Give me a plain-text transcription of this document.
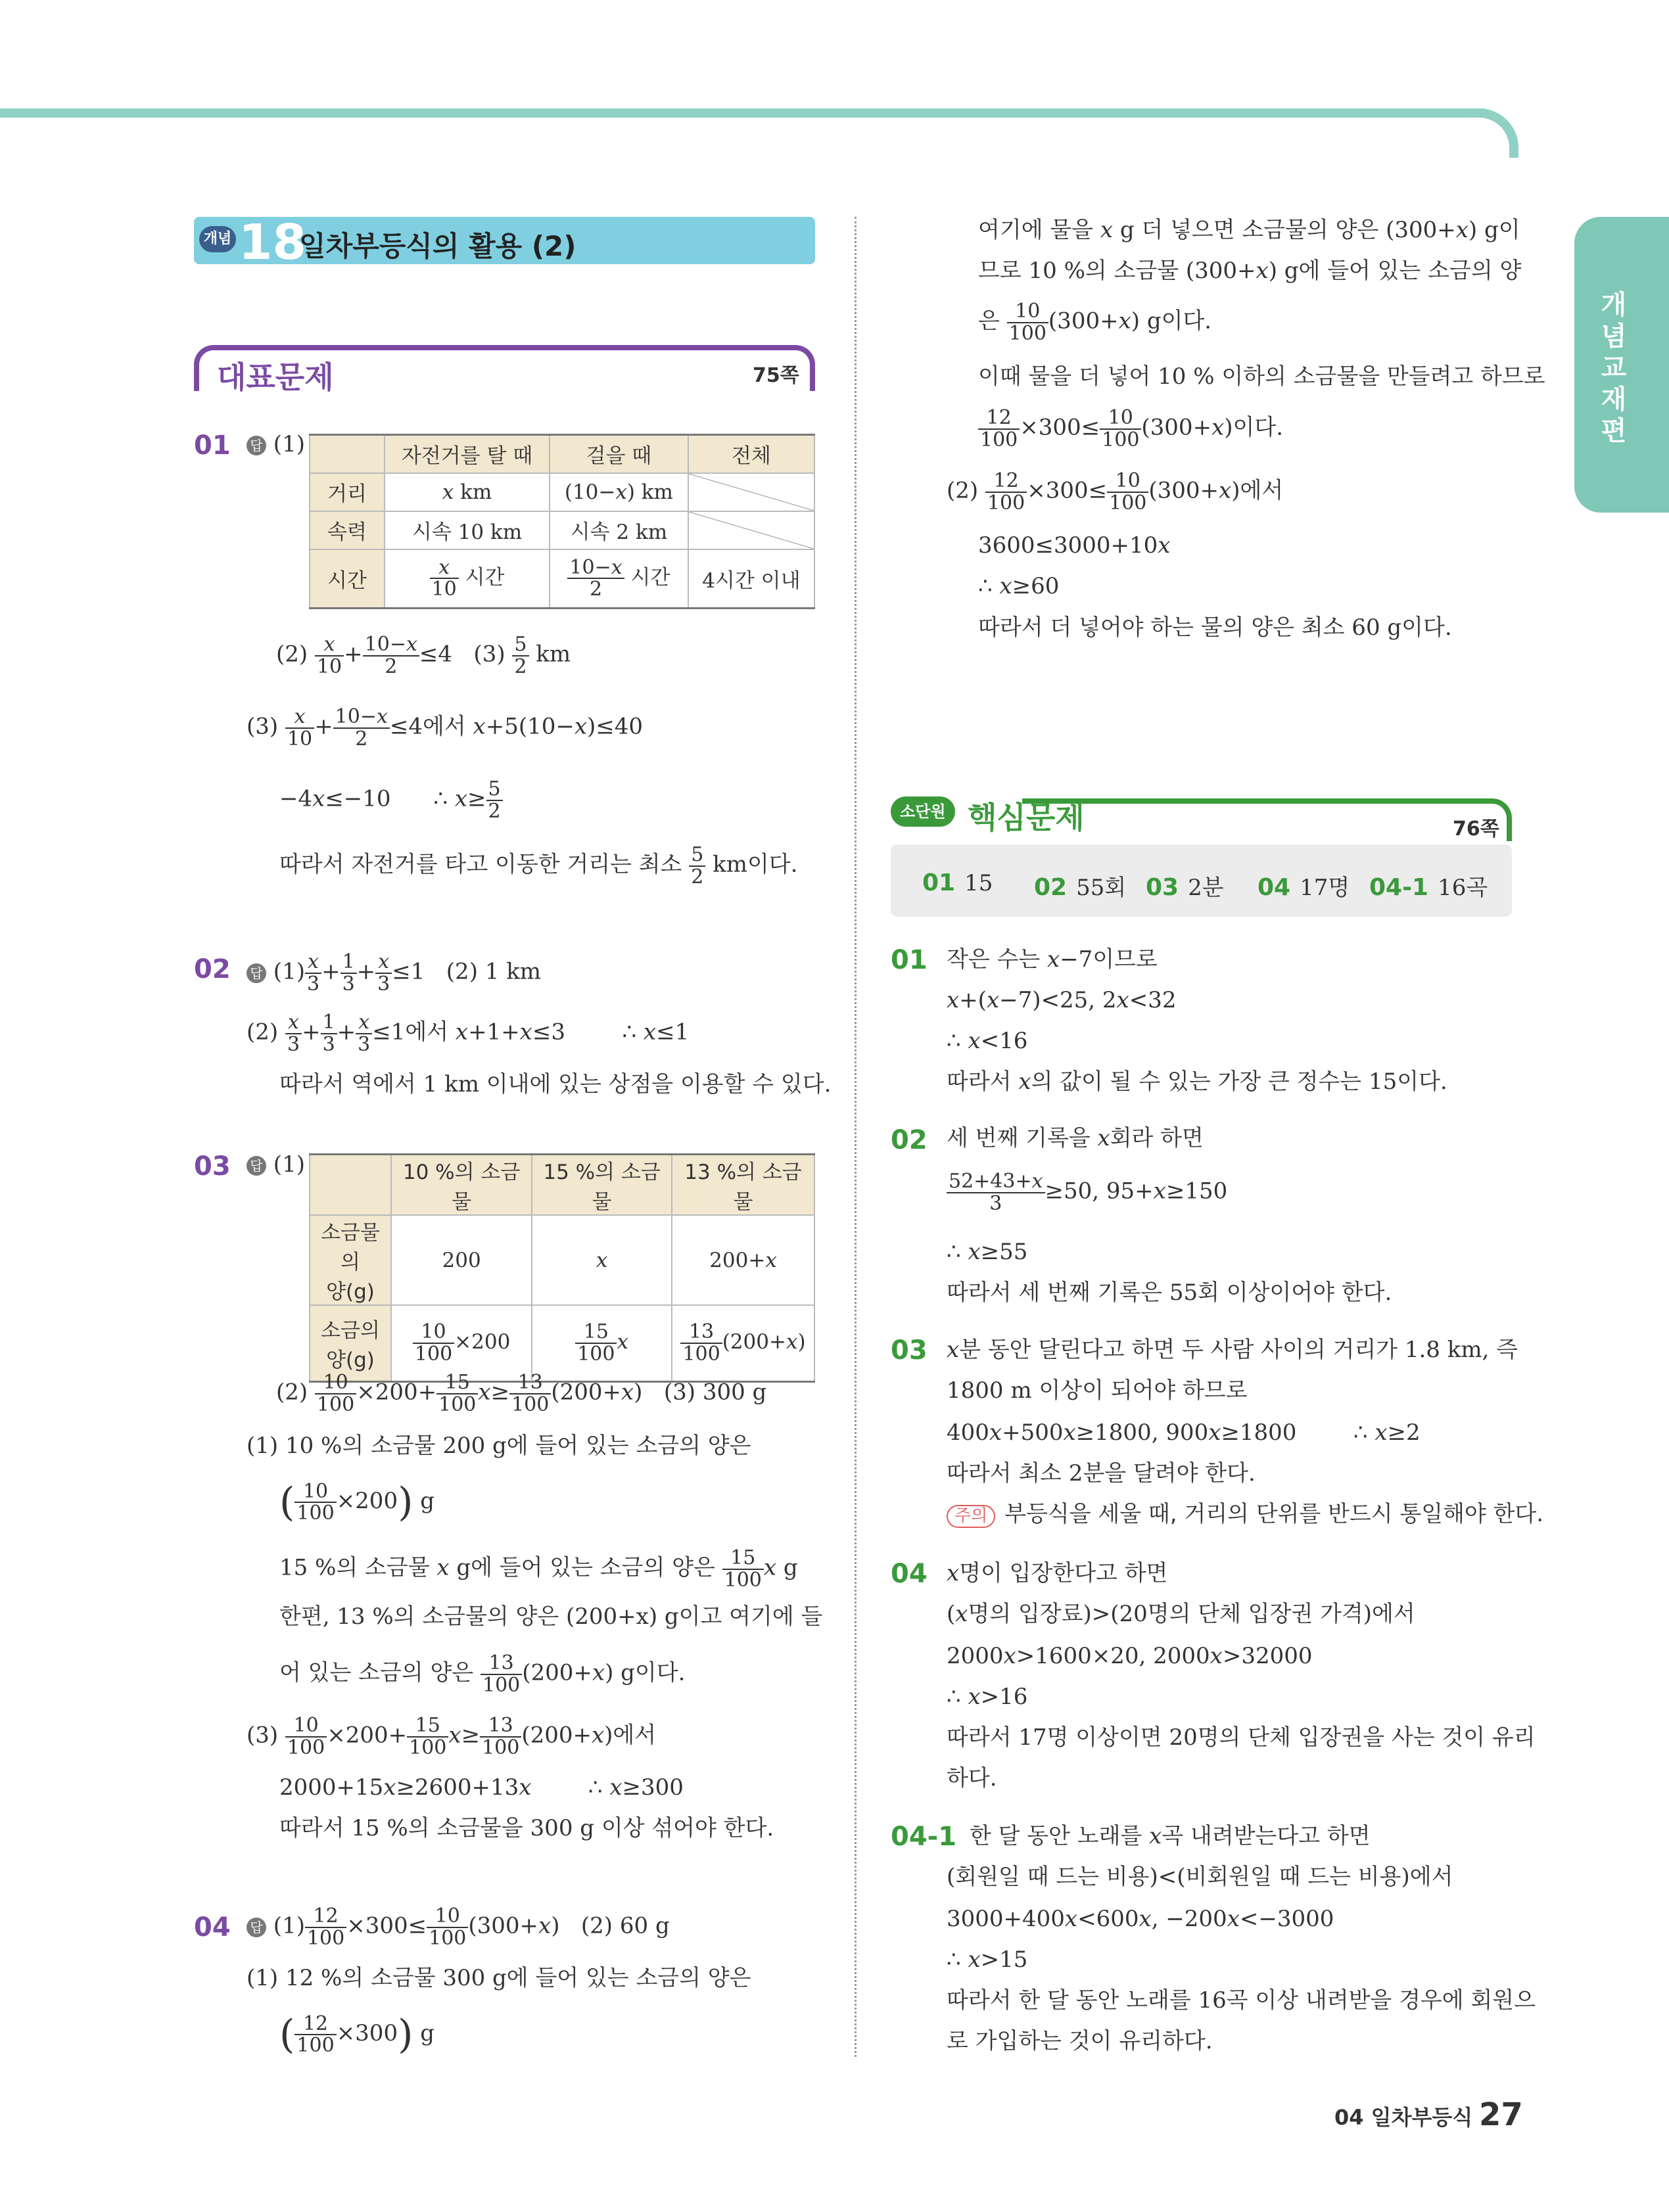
개념교재편
개념 18
일차부등식의 활용 (2)
대표문제	75쪽
01 답 (1)
		자전거를 탈 때	걸을 때	전체
거리	x km	(10−x) km	
속력	시속 10 km	시속 2 km	
시간	$\frac{x}{10}$ 시간	$\frac{10-x}{2}$ 시간	4시간 이내
$(2) \frac{x}{10} + \frac{10-x}{2} \le 4$   $(3) \frac{5}{2}$ km
$(3) \frac{x}{10} + \frac{10-x}{2} \le 4$에서 x+5(10−x)≤40
−4x≤−10      ∴ $x\ge \frac{5}{2}$
따라서 자전거를 타고 이동한 거리는 최소 $\frac{5}{2}$ km이다.
02 답 $(1) \frac{x}{3} + \frac{1}{3} + \frac{x}{3} \le 1$   (2) 1 km
$(2) \frac{x}{3} + \frac{1}{3} + \frac{x}{3} \le 1$에서 x+1+x≤3        ∴ x≤1
따라서 역에서 1 km 이내에 있는 상점을 이용할 수 있다.
03 답 (1)
		10 %의 소금물	15 %의 소금물	13 %의 소금물
소금물의
양(g)	200	x	200+x
소금의
양(g)	$\frac{10}{100} \times 200$	$\frac{15}{100}$ x	$\frac{13}{100} (200+x)$
$(2) \frac{10}{100} \times 200+ \frac{15}{100} x\ge \frac{13}{100} (200+x)$   (3) 300 g
(1) 10 %의 소금물 200 g에 들어 있는 소금의 양은
( $\frac{10}{100} \times 200$) g
15 %의 소금물 x g에 들어 있는 소금의 양은 $\frac{15}{100}$ x g
한편, 13 %의 소금물의 양은 (200+x) g이고 여기에 들
어 있는 소금의 양은 $\frac{13}{100} (200+x)$ g이다.
$(3) \frac{10}{100} \times 200+ \frac{15}{100} x\ge \frac{13}{100} (200+x)$에서
2000+15x≥2600+13x        ∴ x≥300
따라서 15 %의 소금물을 300 g 이상 섞어야 한다.
04 답 $(1) \frac{12}{100} \times 300\le \frac{10}{100} (300+x)$   (2) 60 g
(1) 12 %의 소금물 300 g에 들어 있는 소금의 양은
( $\frac{12}{100} \times 300$) g
여기에 물을 x g 더 넣으면 소금물의 양은 (300+x) g이
므로 10 %의 소금물 (300+x) g에 들어 있는 소금의 양
은 $\frac{10}{100} (300+x)$ g이다.
이때 물을 더 넣어 10 % 이하의 소금물을 만들려고 하므로
$\frac{12}{100} \times 300\le \frac{10}{100} (300+x)$이다.
$(2) \frac{12}{100} \times 300\le \frac{10}{100} (300+x)$에서
3600≤3000+10x
∴ x≥60
따라서 더 넣어야 하는 물의 양은 최소 60 g이다.
소단원 핵심문제	76쪽
01 15 02 55회 03 2분 04 17명 04-1 16곡
01 작은 수는 x−7이므로
x+(x−7)<25, 2x<32
∴ x<16
따라서 x의 값이 될 수 있는 가장 큰 정수는 15이다.
02 세 번째 기록을 x회라 하면
$\frac{52+43+x}{3} \ge 50$, 95+x≥150
∴ x≥55
따라서 세 번째 기록은 55회 이상이어야 한다.
03 x분 동안 달린다고 하면 두 사람 사이의 거리가 1.8 km, 즉
1800 m 이상이 되어야 하므로
400x+500x≥1800, 900x≥1800        ∴ x≥2
따라서 최소 2분을 달려야 한다.
주의 부등식을 세울 때, 거리의 단위를 반드시 통일해야 한다.
04 x명이 입장한다고 하면
(x명의 입장료)>(20명의 단체 입장권 가격)에서
2000x>1600×20, 2000x>32000
∴ x>16
따라서 17명 이상이면 20명의 단체 입장권을 사는 것이 유리
하다.
04-1 한 달 동안 노래를 x곡 내려받는다고 하면
(회원일 때 드는 비용)<(비회원일 때 드는 비용)에서
3000+400x<600x, −200x<−3000
∴ x>15
따라서 한 달 동안 노래를 16곡 이상 내려받을 경우에 회원으
로 가입하는 것이 유리하다.
04 일차부등식 27
